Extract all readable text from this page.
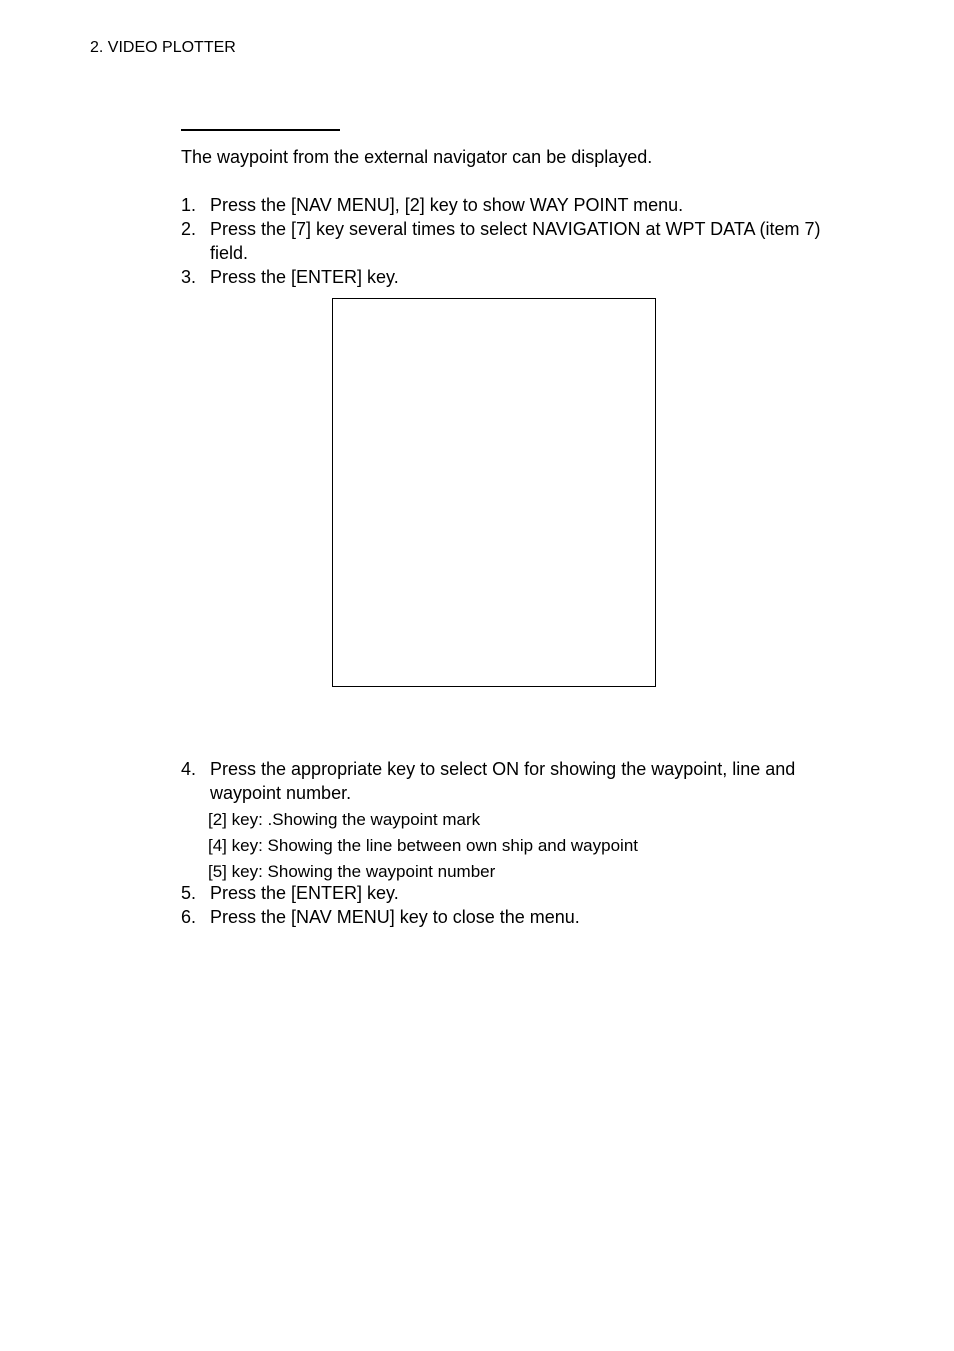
2. VIDEO PLOTTER
The waypoint from the external navigator can be displayed.
1. Press the [NAV MENU], [2] key to show WAY POINT menu.
2. Press the [7] key several times to select NAVIGATION at WPT DATA (item 7) field.
3. Press the [ENTER] key.
4. Press the appropriate key to select ON for showing the waypoint, line and waypoint number.
[2] key: .Showing the waypoint mark
[4] key: Showing the line between own ship and waypoint
[5] key: Showing the waypoint number
5. Press the [ENTER] key.
6. Press the [NAV MENU] key to close the menu.
